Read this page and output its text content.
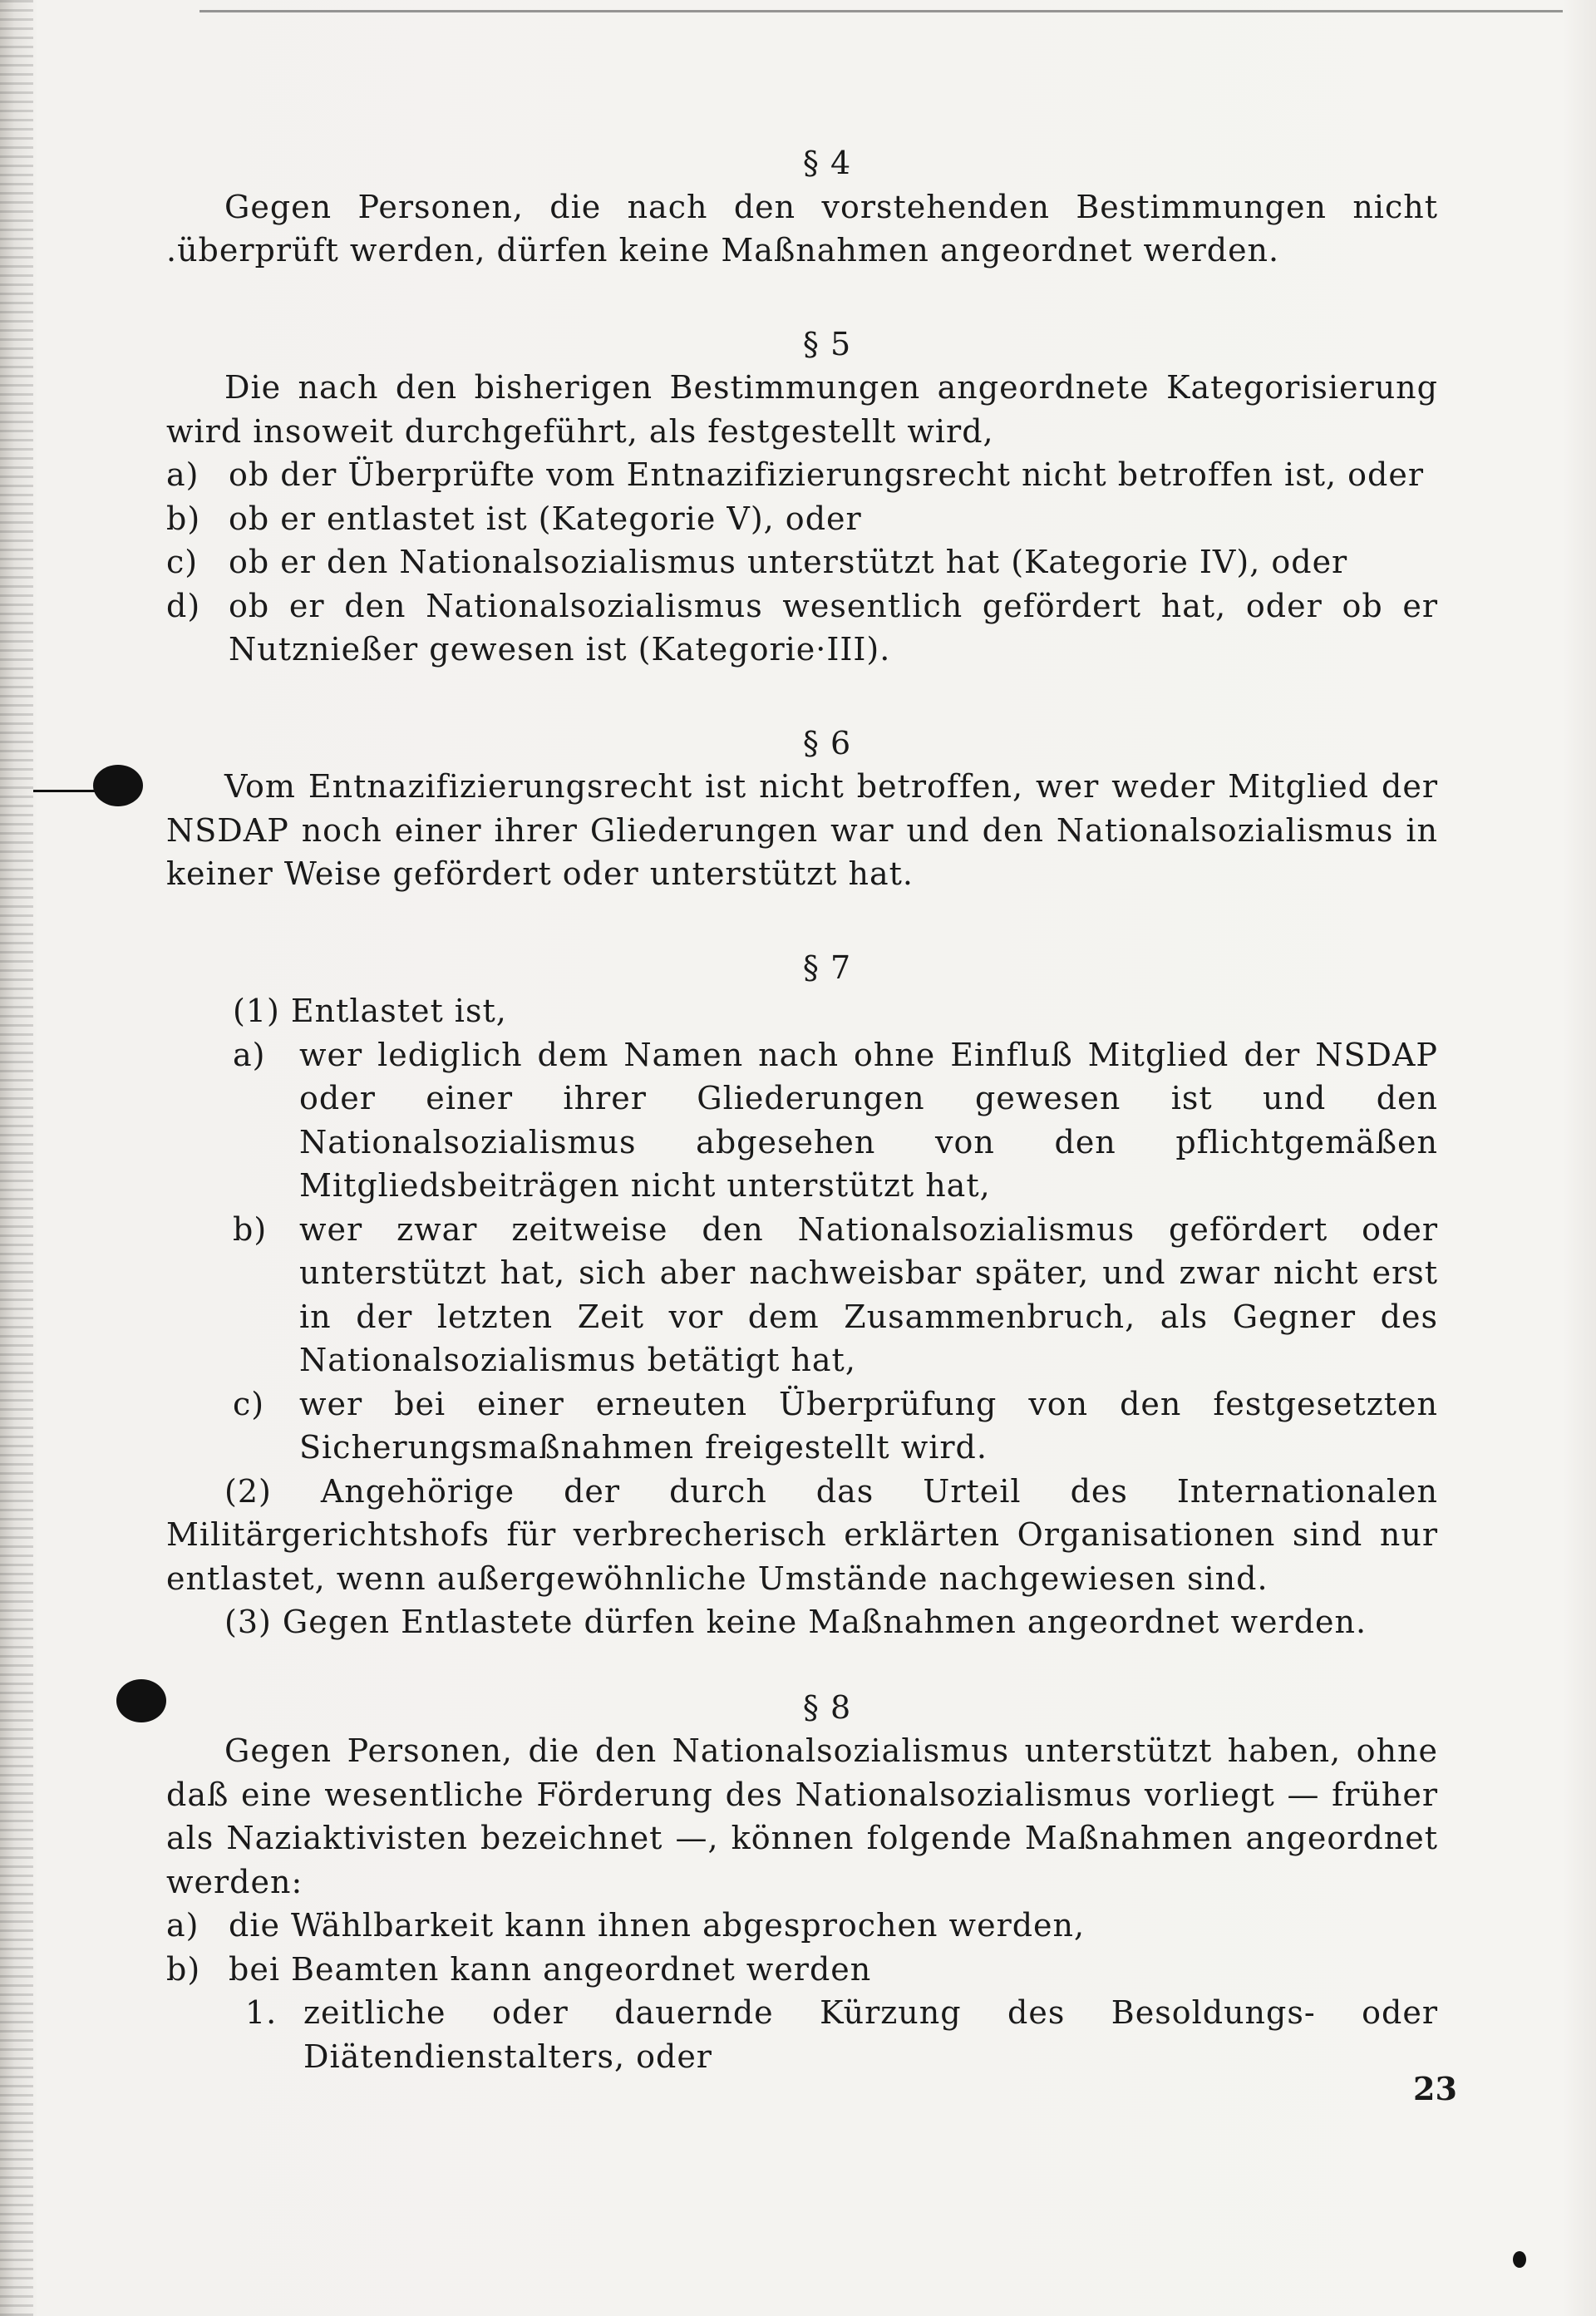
§ 4

Gegen Personen, die nach den vorstehenden Bestimmungen nicht .überprüft werden, dürfen keine Maßnahmen angeordnet werden.

§ 5

Die nach den bisherigen Bestimmungen angeordnete Kategorisierung wird insoweit durchgeführt, als festgestellt wird,

a) ob der Überprüfte vom Entnazifizierungsrecht nicht betroffen ist, oder
b) ob er entlastet ist (Kategorie V), oder
c) ob er den Nationalsozialismus unterstützt hat (Kategorie IV), oder
d) ob er den Nationalsozialismus wesentlich gefördert hat, oder ob er Nutznießer gewesen ist (Kategorie·III).

§ 6

Vom Entnazifizierungsrecht ist nicht betroffen, wer weder Mitglied der NSDAP noch einer ihrer Gliederungen war und den Nationalsozialismus in keiner Weise gefördert oder unterstützt hat.

§ 7

(1) Entlastet ist,

a)	wer lediglich dem Namen nach ohne Einfluß Mitglied der NSDAP oder einer ihrer Gliederungen gewesen ist und den Nationalsozialismus abgesehen von den pflichtgemäßen Mitgliedsbeiträgen nicht unterstützt hat,
b)	wer zwar zeitweise den Nationalsozialismus gefördert oder unterstützt hat, sich aber nachweisbar später, und zwar nicht erst in der letzten Zeit vor dem Zusammenbruch, als Gegner des Nationalsozialismus betätigt hat,
c)	wer bei einer erneuten Überprüfung von den festgesetzten Sicherungsmaßnahmen freigestellt wird.

(2) Angehörige der durch das Urteil des Internationalen Militärgerichtshofs für verbrecherisch erklärten Organisationen sind nur entlastet, wenn außergewöhnliche Umstände nachgewiesen sind.

(3) Gegen Entlastete dürfen keine Maßnahmen angeordnet werden.

§ 8

Gegen Personen, die den Nationalsozialismus unterstützt haben, ohne daß eine wesentliche Förderung des Nationalsozialismus vorliegt — früher als Naziaktivisten bezeichnet —, können folgende Maßnahmen angeordnet werden:

a) die Wählbarkeit kann ihnen abgesprochen werden,
b) bei Beamten kann angeordnet werden
1. zeitliche oder dauernde Kürzung des Besoldungs- oder Diätendienstalters, oder
23
